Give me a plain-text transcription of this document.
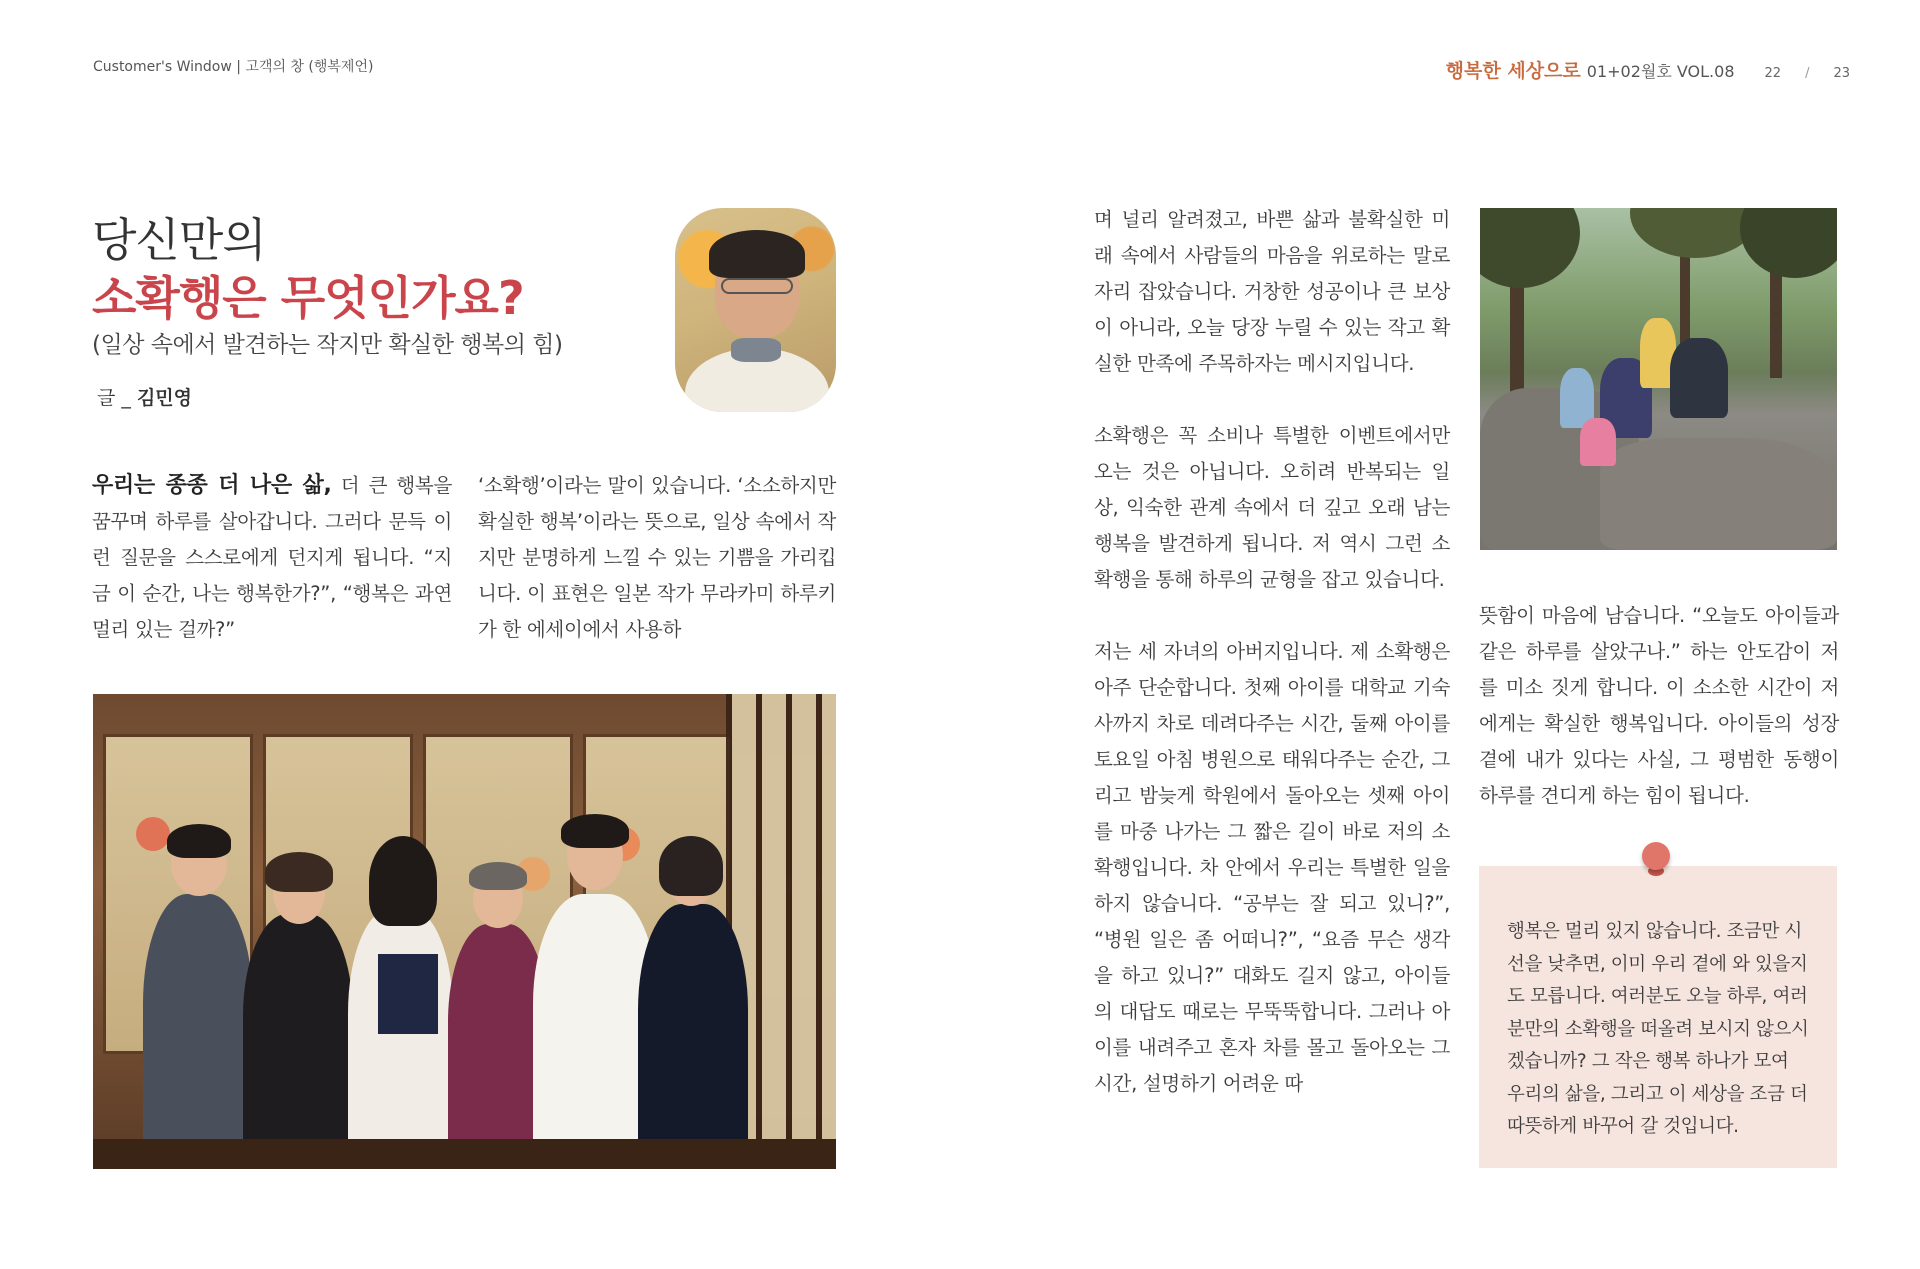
Customer's Window | 고객의 창 (행복제언)	행복한 세상으로 01+02월호 VOL.08 22 / 23
당신만의
소확행은 무엇인가요?
(일상 속에서 발견하는 작지만 확실한 행복의 힘)
글 _ 김민영

우리는 종종 더 나은 삶, 더 큰 행복을 꿈꾸며 하루를 살아갑니다. 그러다 문득 이런 질문을 스스로에게 던지게 됩니다. “지금 이 순간, 나는 행복한가?”, “행복은 과연 멀리 있는 걸까?”

‘소확행’이라는 말이 있습니다. ‘소소하지만 확실한 행복’이라는 뜻으로, 일상 속에서 작지만 분명하게 느낄 수 있는 기쁨을 가리킵니다. 이 표현은 일본 작가 무라카미 하루키가 한 에세이에서 사용하

며 널리 알려졌고, 바쁜 삶과 불확실한 미래 속에서 사람들의 마음을 위로하는 말로 자리 잡았습니다. 거창한 성공이나 큰 보상이 아니라, 오늘 당장 누릴 수 있는 작고 확실한 만족에 주목하자는 메시지입니다.

소확행은 꼭 소비나 특별한 이벤트에서만 오는 것은 아닙니다. 오히려 반복되는 일상, 익숙한 관계 속에서 더 깊고 오래 남는 행복을 발견하게 됩니다. 저 역시 그런 소확행을 통해 하루의 균형을 잡고 있습니다.

저는 세 자녀의 아버지입니다. 제 소확행은 아주 단순합니다. 첫째 아이를 대학교 기숙사까지 차로 데려다주는 시간, 둘째 아이를 토요일 아침 병원으로 태워다주는 순간, 그리고 밤늦게 학원에서 돌아오는 셋째 아이를 마중 나가는 그 짧은 길이 바로 저의 소확행입니다. 차 안에서 우리는 특별한 일을 하지 않습니다. “공부는 잘 되고 있니?”, “병원 일은 좀 어떠니?”, “요즘 무슨 생각을 하고 있니?” 대화도 길지 않고, 아이들의 대답도 때로는 무뚝뚝합니다. 그러나 아이를 내려주고 혼자 차를 몰고 돌아오는 그 시간, 설명하기 어려운 따

뜻함이 마음에 남습니다. “오늘도 아이들과 같은 하루를 살았구나.” 하는 안도감이 저를 미소 짓게 합니다. 이 소소한 시간이 저에게는 확실한 행복입니다. 아이들의 성장 곁에 내가 있다는 사실, 그 평범한 동행이 하루를 견디게 하는 힘이 됩니다.

행복은 멀리 있지 않습니다. 조금만 시선을 낮추면, 이미 우리 곁에 와 있을지도 모릅니다. 여러분도 오늘 하루, 여러분만의 소확행을 떠올려 보시지 않으시겠습니까? 그 작은 행복 하나가 모여 우리의 삶을, 그리고 이 세상을 조금 더 따뜻하게 바꾸어 갈 것입니다.
